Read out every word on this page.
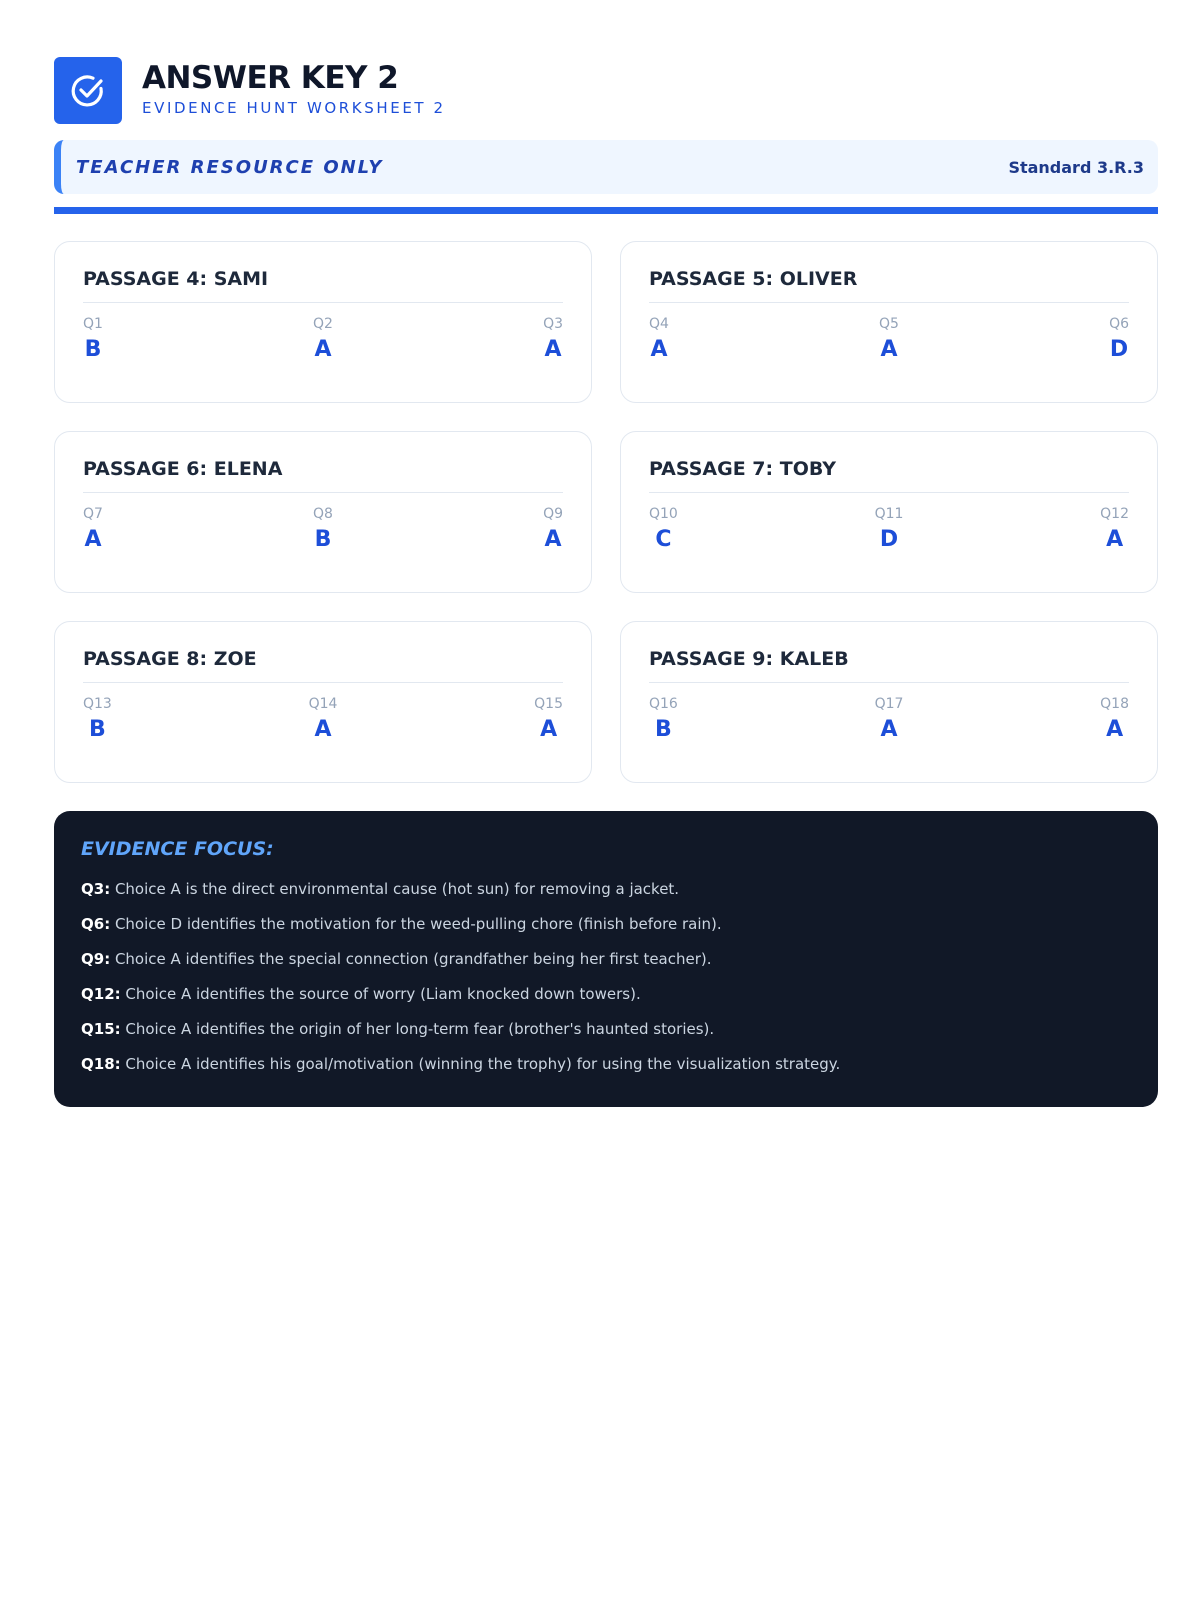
ANSWER KEY 2
EVIDENCE HUNT WORKSHEET 2
TEACHER RESOURCE ONLY	Standard 3.R.3
PASSAGE 4: SAMI
Q1
B
Q2
A
Q3
A
PASSAGE 5: OLIVER
Q4
A
Q5
A
Q6
D
PASSAGE 6: ELENA
Q7
A
Q8
B
Q9
A
PASSAGE 7: TOBY
Q10
C
Q11
D
Q12
A
PASSAGE 8: ZOE
Q13
B
Q14
A
Q15
A
PASSAGE 9: KALEB
Q16
B
Q17
A
Q18
A
EVIDENCE FOCUS:
Q3: Choice A is the direct environmental cause (hot sun) for removing a jacket.
Q6: Choice D identifies the motivation for the weed-pulling chore (finish before rain).
Q9: Choice A identifies the special connection (grandfather being her first teacher).
Q12: Choice A identifies the source of worry (Liam knocked down towers).
Q15: Choice A identifies the origin of her long-term fear (brother's haunted stories).
Q18: Choice A identifies his goal/motivation (winning the trophy) for using the visualization strategy.
